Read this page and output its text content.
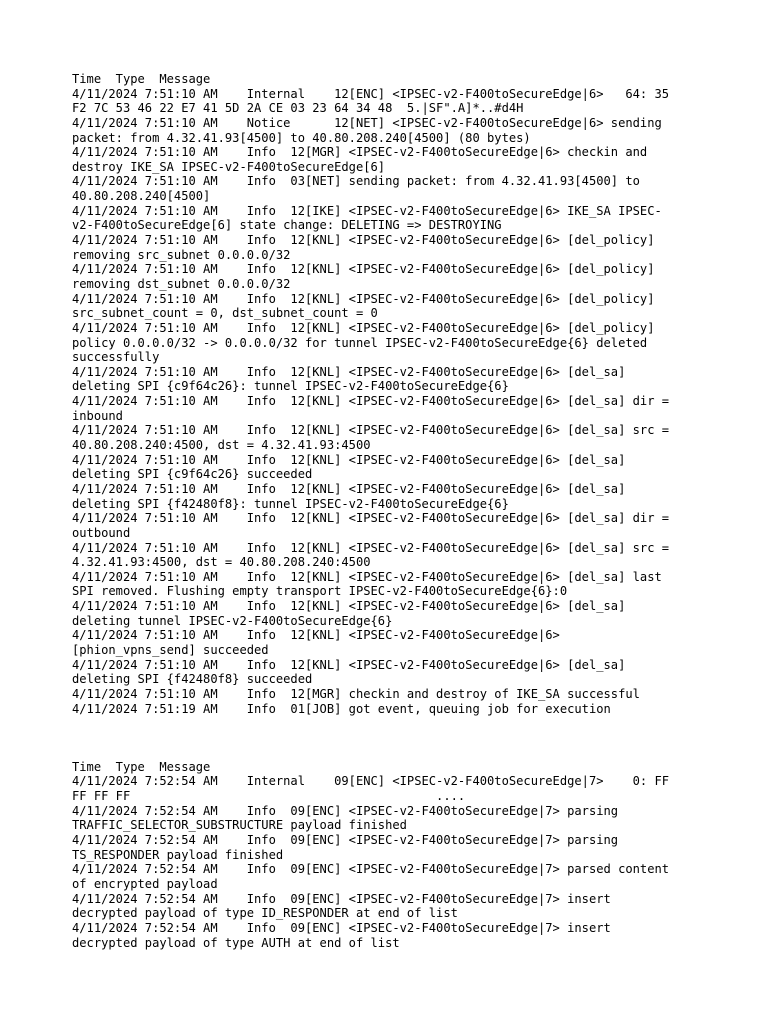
Time  Type  Message
4/11/2024 7:51:10 AM    Internal    12[ENC] <IPSEC-v2-F400toSecureEdge|6>   64: 35
F2 7C 53 46 22 E7 41 5D 2A CE 03 23 64 34 48  5.|SF".A]*..#d4H
4/11/2024 7:51:10 AM    Notice      12[NET] <IPSEC-v2-F400toSecureEdge|6> sending
packet: from 4.32.41.93[4500] to 40.80.208.240[4500] (80 bytes)
4/11/2024 7:51:10 AM    Info  12[MGR] <IPSEC-v2-F400toSecureEdge|6> checkin and
destroy IKE_SA IPSEC-v2-F400toSecureEdge[6]
4/11/2024 7:51:10 AM    Info  03[NET] sending packet: from 4.32.41.93[4500] to
40.80.208.240[4500]
4/11/2024 7:51:10 AM    Info  12[IKE] <IPSEC-v2-F400toSecureEdge|6> IKE_SA IPSEC-
v2-F400toSecureEdge[6] state change: DELETING => DESTROYING
4/11/2024 7:51:10 AM    Info  12[KNL] <IPSEC-v2-F400toSecureEdge|6> [del_policy]
removing src_subnet 0.0.0.0/32
4/11/2024 7:51:10 AM    Info  12[KNL] <IPSEC-v2-F400toSecureEdge|6> [del_policy]
removing dst_subnet 0.0.0.0/32
4/11/2024 7:51:10 AM    Info  12[KNL] <IPSEC-v2-F400toSecureEdge|6> [del_policy]
src_subnet_count = 0, dst_subnet_count = 0
4/11/2024 7:51:10 AM    Info  12[KNL] <IPSEC-v2-F400toSecureEdge|6> [del_policy]
policy 0.0.0.0/32 -> 0.0.0.0/32 for tunnel IPSEC-v2-F400toSecureEdge{6} deleted
successfully
4/11/2024 7:51:10 AM    Info  12[KNL] <IPSEC-v2-F400toSecureEdge|6> [del_sa]
deleting SPI {c9f64c26}: tunnel IPSEC-v2-F400toSecureEdge{6}
4/11/2024 7:51:10 AM    Info  12[KNL] <IPSEC-v2-F400toSecureEdge|6> [del_sa] dir =
inbound
4/11/2024 7:51:10 AM    Info  12[KNL] <IPSEC-v2-F400toSecureEdge|6> [del_sa] src =
40.80.208.240:4500, dst = 4.32.41.93:4500
4/11/2024 7:51:10 AM    Info  12[KNL] <IPSEC-v2-F400toSecureEdge|6> [del_sa]
deleting SPI {c9f64c26} succeeded
4/11/2024 7:51:10 AM    Info  12[KNL] <IPSEC-v2-F400toSecureEdge|6> [del_sa]
deleting SPI {f42480f8}: tunnel IPSEC-v2-F400toSecureEdge{6}
4/11/2024 7:51:10 AM    Info  12[KNL] <IPSEC-v2-F400toSecureEdge|6> [del_sa] dir =
outbound
4/11/2024 7:51:10 AM    Info  12[KNL] <IPSEC-v2-F400toSecureEdge|6> [del_sa] src =
4.32.41.93:4500, dst = 40.80.208.240:4500
4/11/2024 7:51:10 AM    Info  12[KNL] <IPSEC-v2-F400toSecureEdge|6> [del_sa] last
SPI removed. Flushing empty transport IPSEC-v2-F400toSecureEdge{6}:0
4/11/2024 7:51:10 AM    Info  12[KNL] <IPSEC-v2-F400toSecureEdge|6> [del_sa]
deleting tunnel IPSEC-v2-F400toSecureEdge{6}
4/11/2024 7:51:10 AM    Info  12[KNL] <IPSEC-v2-F400toSecureEdge|6>
[phion_vpns_send] succeeded
4/11/2024 7:51:10 AM    Info  12[KNL] <IPSEC-v2-F400toSecureEdge|6> [del_sa]
deleting SPI {f42480f8} succeeded
4/11/2024 7:51:10 AM    Info  12[MGR] checkin and destroy of IKE_SA successful
4/11/2024 7:51:19 AM    Info  01[JOB] got event, queuing job for execution
Time  Type  Message
4/11/2024 7:52:54 AM    Internal    09[ENC] <IPSEC-v2-F400toSecureEdge|7>    0: FF
FF FF FF                                          ....
4/11/2024 7:52:54 AM    Info  09[ENC] <IPSEC-v2-F400toSecureEdge|7> parsing
TRAFFIC_SELECTOR_SUBSTRUCTURE payload finished
4/11/2024 7:52:54 AM    Info  09[ENC] <IPSEC-v2-F400toSecureEdge|7> parsing
TS_RESPONDER payload finished
4/11/2024 7:52:54 AM    Info  09[ENC] <IPSEC-v2-F400toSecureEdge|7> parsed content
of encrypted payload
4/11/2024 7:52:54 AM    Info  09[ENC] <IPSEC-v2-F400toSecureEdge|7> insert
decrypted payload of type ID_RESPONDER at end of list
4/11/2024 7:52:54 AM    Info  09[ENC] <IPSEC-v2-F400toSecureEdge|7> insert
decrypted payload of type AUTH at end of list
